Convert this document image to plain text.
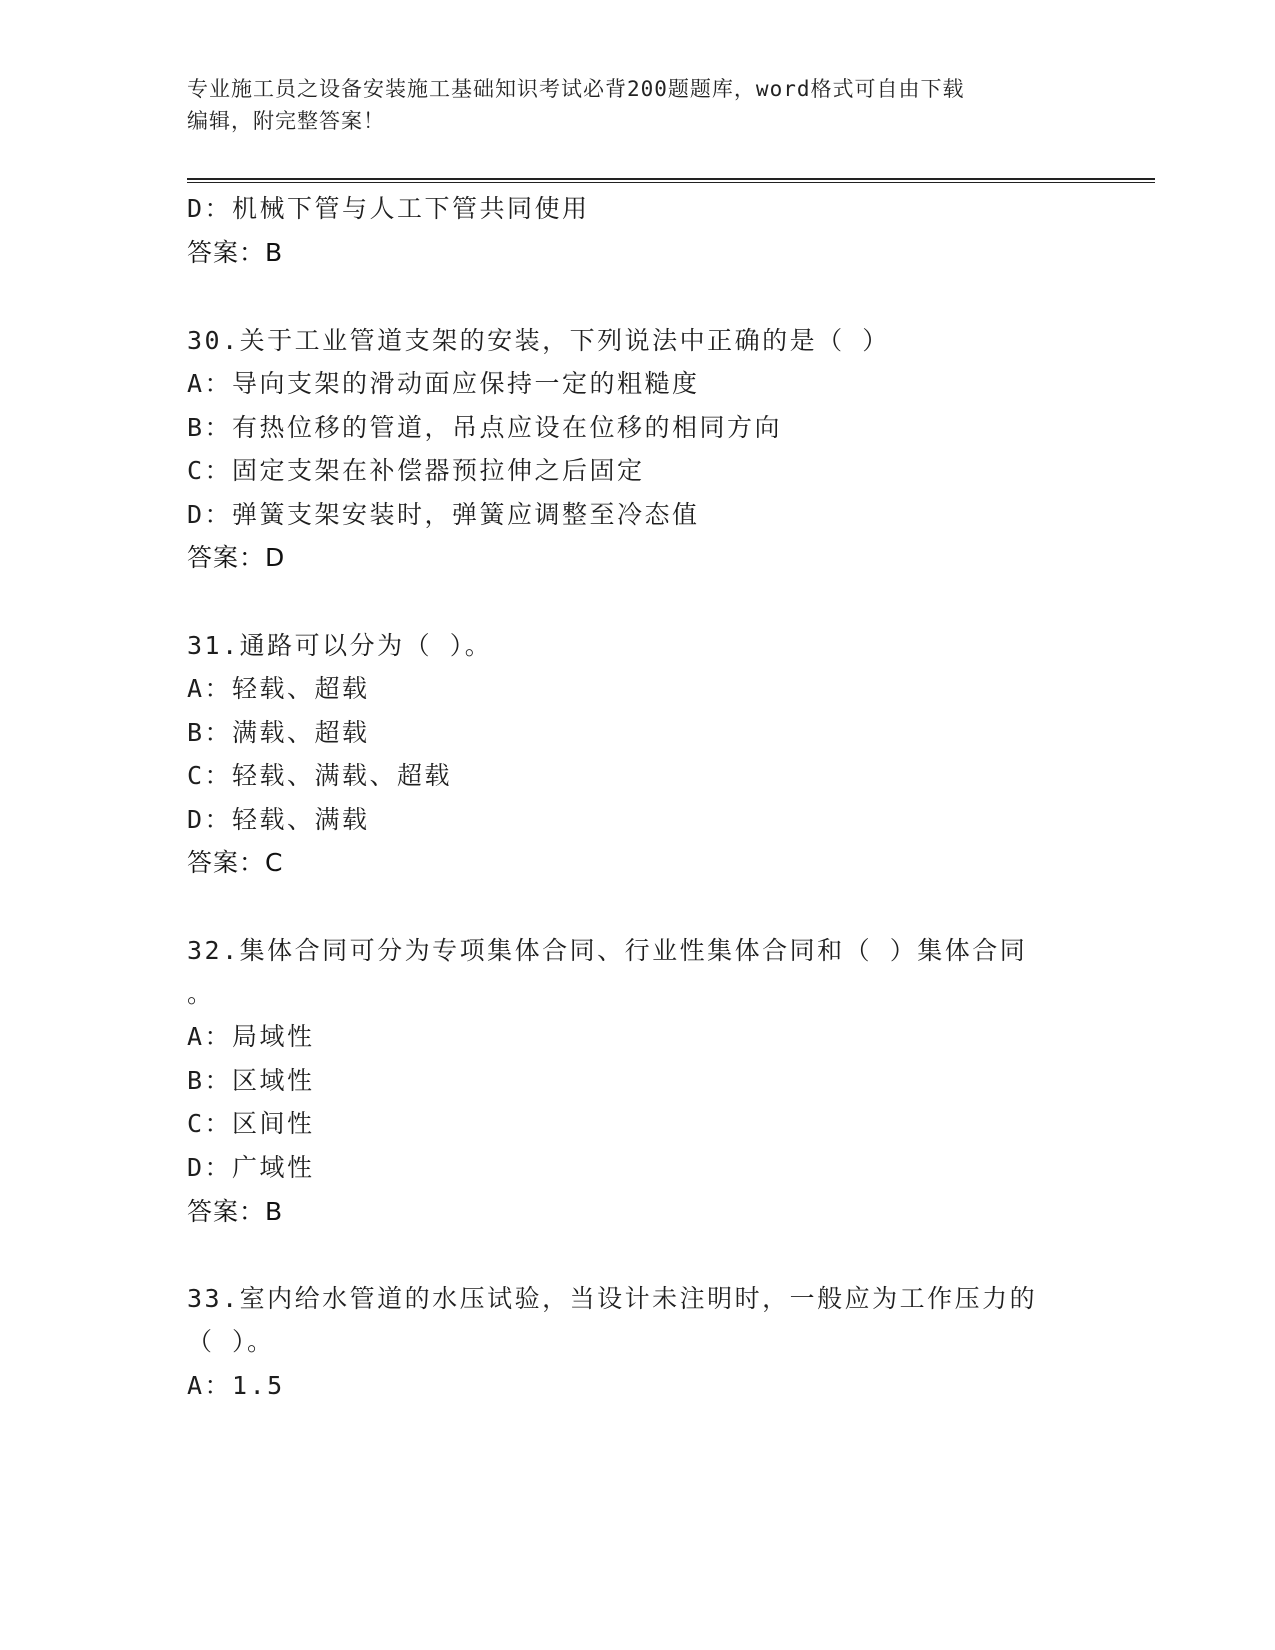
专业施工员之设备安装施工基础知识考试必背200题题库，word格式可自由下载
编辑，附完整答案！
D：机械下管与人工下管共同使用
答案：B
30.关于工业管道支架的安装，下列说法中正确的是（ ）
A：导向支架的滑动面应保持一定的粗糙度
B：有热位移的管道，吊点应设在位移的相同方向
C：固定支架在补偿器预拉伸之后固定
D：弹簧支架安装时，弹簧应调整至冷态值
答案：D
31.通路可以分为（ ）。
A：轻载、超载
B：满载、超载
C：轻载、满载、超载
D：轻载、满载
答案：C
32.集体合同可分为专项集体合同、行业性集体合同和（ ）集体合同
。
A：局域性
B：区域性
C：区间性
D：广域性
答案：B
33.室内给水管道的水压试验，当设计未注明时，一般应为工作压力的
（ ）。
A：1.5
